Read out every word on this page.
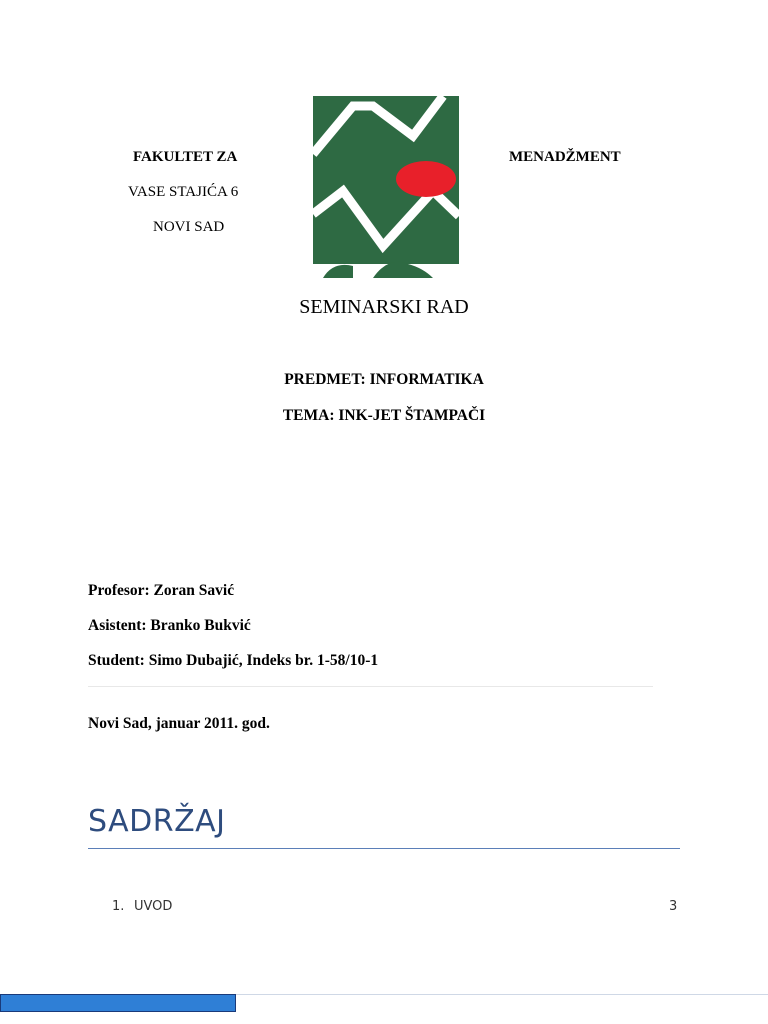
FAKULTET ZA
VASE STAJIĆA 6
NOVI SAD
MENADŽMENT
SEMINARSKI RAD
PREDMET: INFORMATIKA
TEMA: INK-JET ŠTAMPAČI
Profesor: Zoran Savić
Asistent: Branko Bukvić
Student: Simo Dubajić, Indeks br. 1-58/10-1
Novi Sad, januar 2011. god.
SADRŽAJ
1. UVOD	3
